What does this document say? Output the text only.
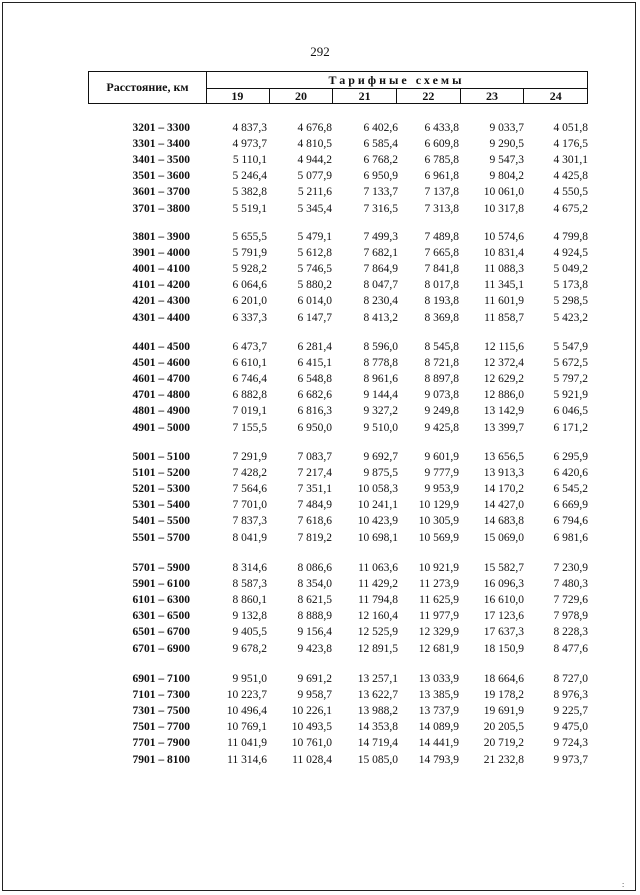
292
Расстояние, км	Тарифные схемы
19	20	21	22	23	24
3201 – 3300	4 837,3	4 676,8	6 402,6	6 433,8	9 033,7	4 051,8
3301 – 3400	4 973,7	4 810,5	6 585,4	6 609,8	9 290,5	4 176,5
3401 – 3500	5 110,1	4 944,2	6 768,2	6 785,8	9 547,3	4 301,1
3501 – 3600	5 246,4	5 077,9	6 950,9	6 961,8	9 804,2	4 425,8
3601 – 3700	5 382,8	5 211,6	7 133,7	7 137,8	10 061,0	4 550,5
3701 – 3800	5 519,1	5 345,4	7 316,5	7 313,8	10 317,8	4 675,2
3801 – 3900	5 655,5	5 479,1	7 499,3	7 489,8	10 574,6	4 799,8
3901 – 4000	5 791,9	5 612,8	7 682,1	7 665,8	10 831,4	4 924,5
4001 – 4100	5 928,2	5 746,5	7 864,9	7 841,8	11 088,3	5 049,2
4101 – 4200	6 064,6	5 880,2	8 047,7	8 017,8	11 345,1	5 173,8
4201 – 4300	6 201,0	6 014,0	8 230,4	8 193,8	11 601,9	5 298,5
4301 – 4400	6 337,3	6 147,7	8 413,2	8 369,8	11 858,7	5 423,2
4401 – 4500	6 473,7	6 281,4	8 596,0	8 545,8	12 115,6	5 547,9
4501 – 4600	6 610,1	6 415,1	8 778,8	8 721,8	12 372,4	5 672,5
4601 – 4700	6 746,4	6 548,8	8 961,6	8 897,8	12 629,2	5 797,2
4701 – 4800	6 882,8	6 682,6	9 144,4	9 073,8	12 886,0	5 921,9
4801 – 4900	7 019,1	6 816,3	9 327,2	9 249,8	13 142,9	6 046,5
4901 – 5000	7 155,5	6 950,0	9 510,0	9 425,8	13 399,7	6 171,2
5001 – 5100	7 291,9	7 083,7	9 692,7	9 601,9	13 656,5	6 295,9
5101 – 5200	7 428,2	7 217,4	9 875,5	9 777,9	13 913,3	6 420,6
5201 – 5300	7 564,6	7 351,1	10 058,3	9 953,9	14 170,2	6 545,2
5301 – 5400	7 701,0	7 484,9	10 241,1	10 129,9	14 427,0	6 669,9
5401 – 5500	7 837,3	7 618,6	10 423,9	10 305,9	14 683,8	6 794,6
5501 – 5700	8 041,9	7 819,2	10 698,1	10 569,9	15 069,0	6 981,6
5701 – 5900	8 314,6	8 086,6	11 063,6	10 921,9	15 582,7	7 230,9
5901 – 6100	8 587,3	8 354,0	11 429,2	11 273,9	16 096,3	7 480,3
6101 – 6300	8 860,1	8 621,5	11 794,8	11 625,9	16 610,0	7 729,6
6301 – 6500	9 132,8	8 888,9	12 160,4	11 977,9	17 123,6	7 978,9
6501 – 6700	9 405,5	9 156,4	12 525,9	12 329,9	17 637,3	8 228,3
6701 – 6900	9 678,2	9 423,8	12 891,5	12 681,9	18 150,9	8 477,6
6901 – 7100	9 951,0	9 691,2	13 257,1	13 033,9	18 664,6	8 727,0
7101 – 7300	10 223,7	9 958,7	13 622,7	13 385,9	19 178,2	8 976,3
7301 – 7500	10 496,4	10 226,1	13 988,2	13 737,9	19 691,9	9 225,7
7501 – 7700	10 769,1	10 493,5	14 353,8	14 089,9	20 205,5	9 475,0
7701 – 7900	11 041,9	10 761,0	14 719,4	14 441,9	20 719,2	9 724,3
7901 – 8100	11 314,6	11 028,4	15 085,0	14 793,9	21 232,8	9 973,7
:
